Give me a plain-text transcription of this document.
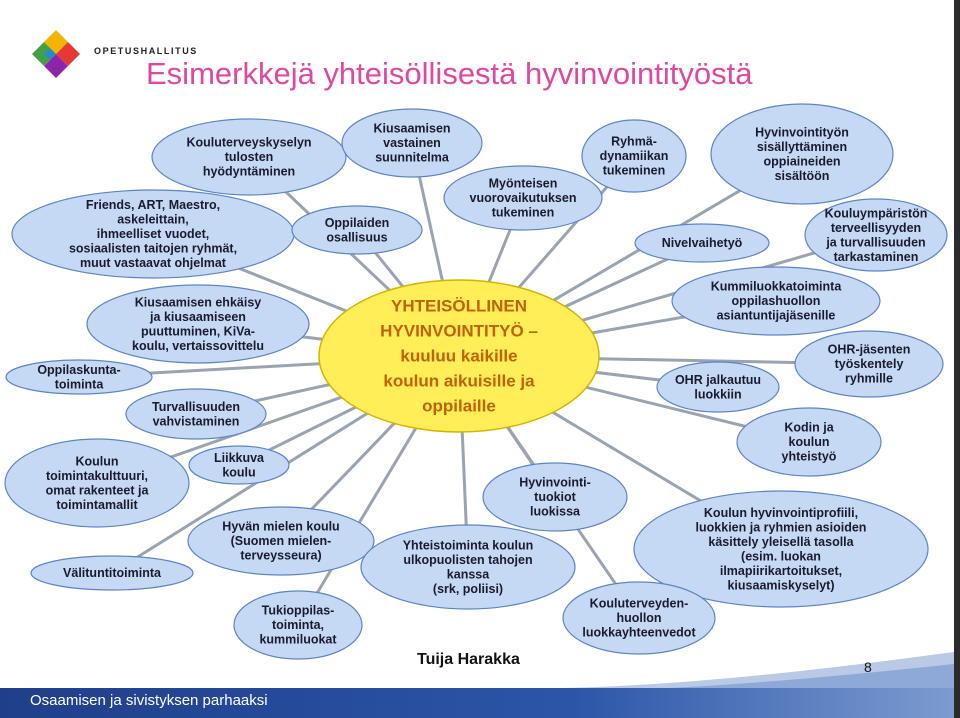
OPETUSHALLITUS
Esimerkkejä yhteisöllisestä hyvinvointityöstä
Kouluterveyskyselyn
tulosten
hyödyntäminen
Kiusaamisen
vastainen
suunnitelma
Myönteisen
vuorovaikutuksen
tukeminen
Ryhmä-
dynamiikan
tukeminen
Hyvinvointityön
sisällyttäminen
oppiaineiden
sisältöön
Friends, ART, Maestro,
askeleittain,
ihmeelliset vuodet,
sosiaalisten taitojen ryhmät,
muut vastaavat ohjelmat
Oppilaiden
osallisuus	Nivelvaihetyö
Kouluympäristön
terveellisyyden
ja turvallisuuden
tarkastaminen
Kummiluokkatoiminta
oppilashuollon
asiantuntijajäsenille
Kiusaamisen ehkäisy
ja kiusaamiseen
puuttuminen, KiVa-
koulu, vertaissovittelu	OHR-jäsenten
työskentely
ryhmille
Oppilaskunta-
toiminta	OHR jalkautuu
luokkiin
Turvallisuuden
vahvistaminen	Kodin ja
koulun
yhteistyö
Koulun
toimintakulttuuri,
omat rakenteet ja
toimintamallit
Liikkuva
koulu
Hyvinvointi-
tuokiot
luokissa	Koulun hyvinvointiprofiili,
luokkien ja ryhmien asioiden
käsittely yleisellä tasolla
(esim. luokan
ilmapiirikartoitukset,
kiusaamiskyselyt)
Hyvän mielen koulu
(Suomen mielen-
terveysseura)
Yhteistoiminta koulun
ulkopuolisten tahojen
kanssa
(srk, poliisi)
Välituntitoiminta
Tukioppilas-
toiminta,
kummiluokat
Kouluterveyden-
huollon
luokkayhteenvedot
YHTEISÖLLINEN
HYVINVOINTITYÖ –
kuuluu kaikille
koulun aikuisille ja
oppilaille
Osaamisen ja sivistyksen parhaaksi
Tuija Harakka	8
